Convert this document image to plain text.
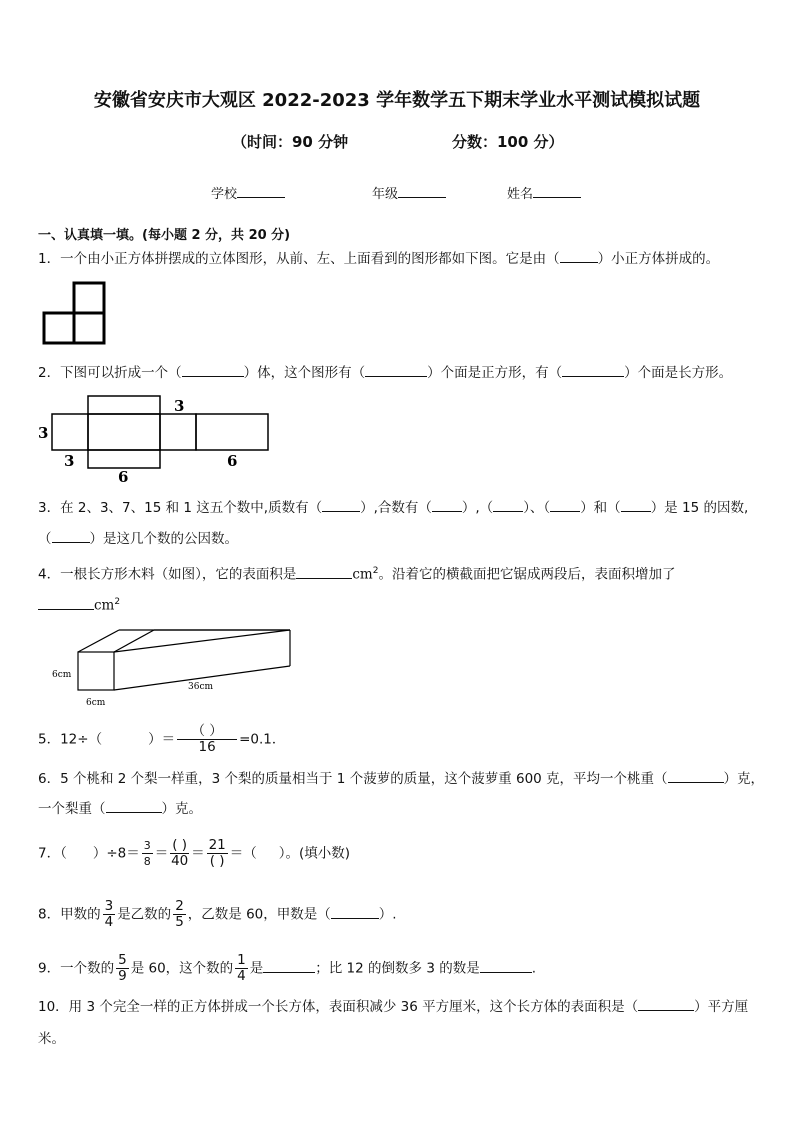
安徽省安庆市大观区 2022-2023 学年数学五下期末学业水平测试模拟试题
（时间：90 分钟	分数：100 分）
学校	年级	姓名
一、认真填一填。(每小题 2 分，共 20 分)
1．一个由小正方体拼摆成的立体图形，从前、左、上面看到的图形都如下图。它是由（	）小正方体拼成的。
2．下图可以折成一个（	）体，这个图形有（	）个面是正方形，有（	）个面是长方形。
3
3
3
6
6
3．在 2、3、7、15 和 1 这五个数中,质数有（	）,合数有（ ）,（ ）、（ ）和（ ）是 15 的因数,
（	）是这几个数的公因数。
4．一根长方形木料（如图），它的表面积是	$cm^2$。沿着它的横截面把它锯成两段后，表面积增加了
$cm^2$
6cm
6cm
36cm
5．12÷（	）＝
（ ）
16	=0.1．
6．5 个桃和 2 个梨一样重，3 个梨的质量相当于 1 个菠萝的质量，这个菠萝重 600 克，平均一个桃重（	）克，
一个梨重（	）克。
7．（ ）$\div 8= \frac{3}{8}$ ＝
( )
40 ＝
21
( ) ＝（ ）。(填小数)
8．甲数的 $\frac{3}{4}$ 是乙数的 $\frac{2}{5}$ ，乙数是 60，甲数是（	）.
9．一个数的 $\frac{5}{9}$ 是 60，这个数的 $\frac{1}{4}$ 是	；比 12 的倒数多 3 的数是	.
10．用 3 个完全一样的正方体拼成一个长方体，表面积减少 36 平方厘米，这个长方体的表面积是（	）平方厘
米。
